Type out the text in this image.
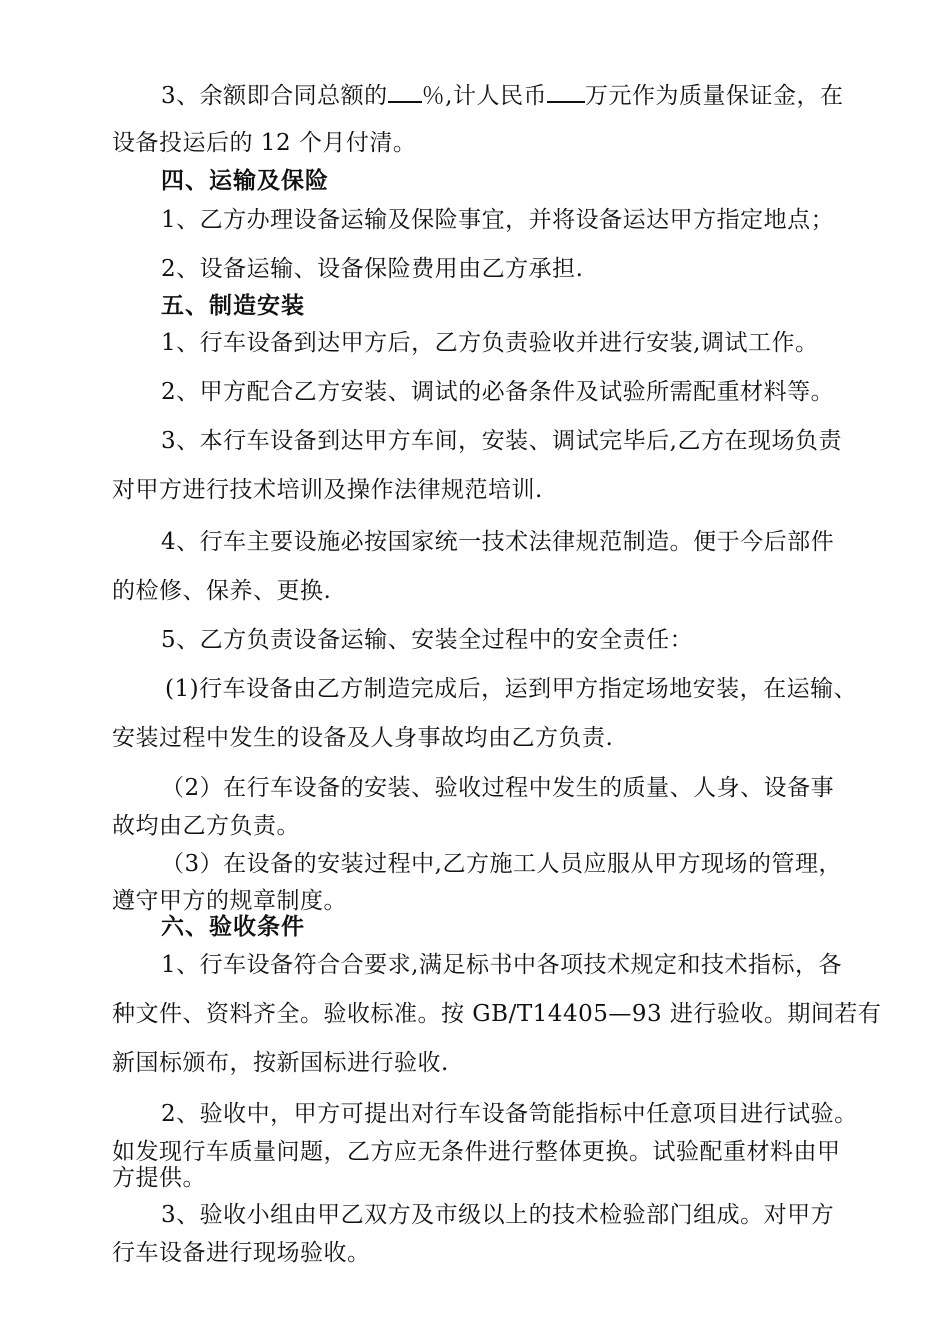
3、余额即合同总额的 ％,计人民币 万元作为质量保证金，在
设备投运后的 12 个月付清。
四、运输及保险
1、乙方办理设备运输及保险事宜，并将设备运达甲方指定地点；
2、设备运输、设备保险费用由乙方承担.
五、制造安装
1、行车设备到达甲方后，乙方负责验收并进行安装,调试工作。
2、甲方配合乙方安装、调试的必备条件及试验所需配重材料等。
3、本行车设备到达甲方车间，安装、调试完毕后,乙方在现场负责
对甲方进行技术培训及操作法律规范培训.
4、行车主要设施必按国家统一技术法律规范制造。便于今后部件
的检修、保养、更换.
5、乙方负责设备运输、安装全过程中的安全责任：
(1)行车设备由乙方制造完成后，运到甲方指定场地安装，在运输、
安装过程中发生的设备及人身事故均由乙方负责.
（2）在行车设备的安装、验收过程中发生的质量、人身、设备事
故均由乙方负责。
（3）在设备的安装过程中,乙方施工人员应服从甲方现场的管理，
遵守甲方的规章制度。
六、验收条件
1、行车设备符合合要求,满足标书中各项技术规定和技术指标，各
种文件、资料齐全。验收标准。按 GB/T14405—93 进行验收。期间若有
新国标颁布，按新国标进行验收.
2、验收中，甲方可提出对行车设备笥能指标中任意项目进行试验。
如发现行车质量问题，乙方应无条件进行整体更换。试验配重材料由甲
方提供。
3、验收小组由甲乙双方及市级以上的技术检验部门组成。对甲方
行车设备进行现场验收。
